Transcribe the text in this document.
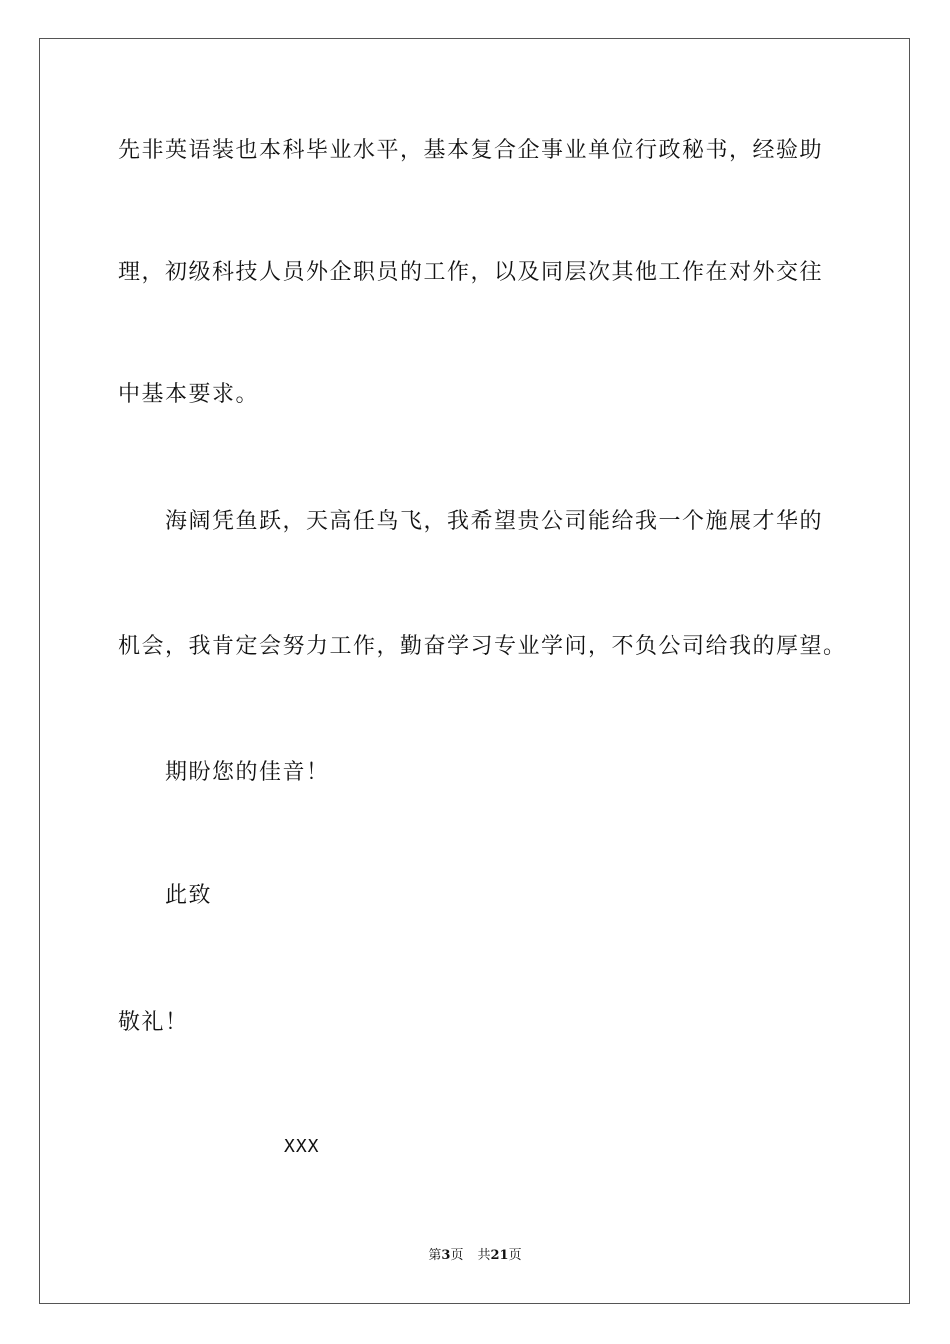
先非英语装也本科毕业水平，基本复合企事业单位行政秘书，经验助
理，初级科技人员外企职员的工作，以及同层次其他工作在对外交往
中基本要求。
海阔凭鱼跃，天高任鸟飞，我希望贵公司能给我一个施展才华的
机会，我肯定会努力工作，勤奋学习专业学问，不负公司给我的厚望。
期盼您的佳音！
此致
敬礼！
XXX
第3页 共21页
